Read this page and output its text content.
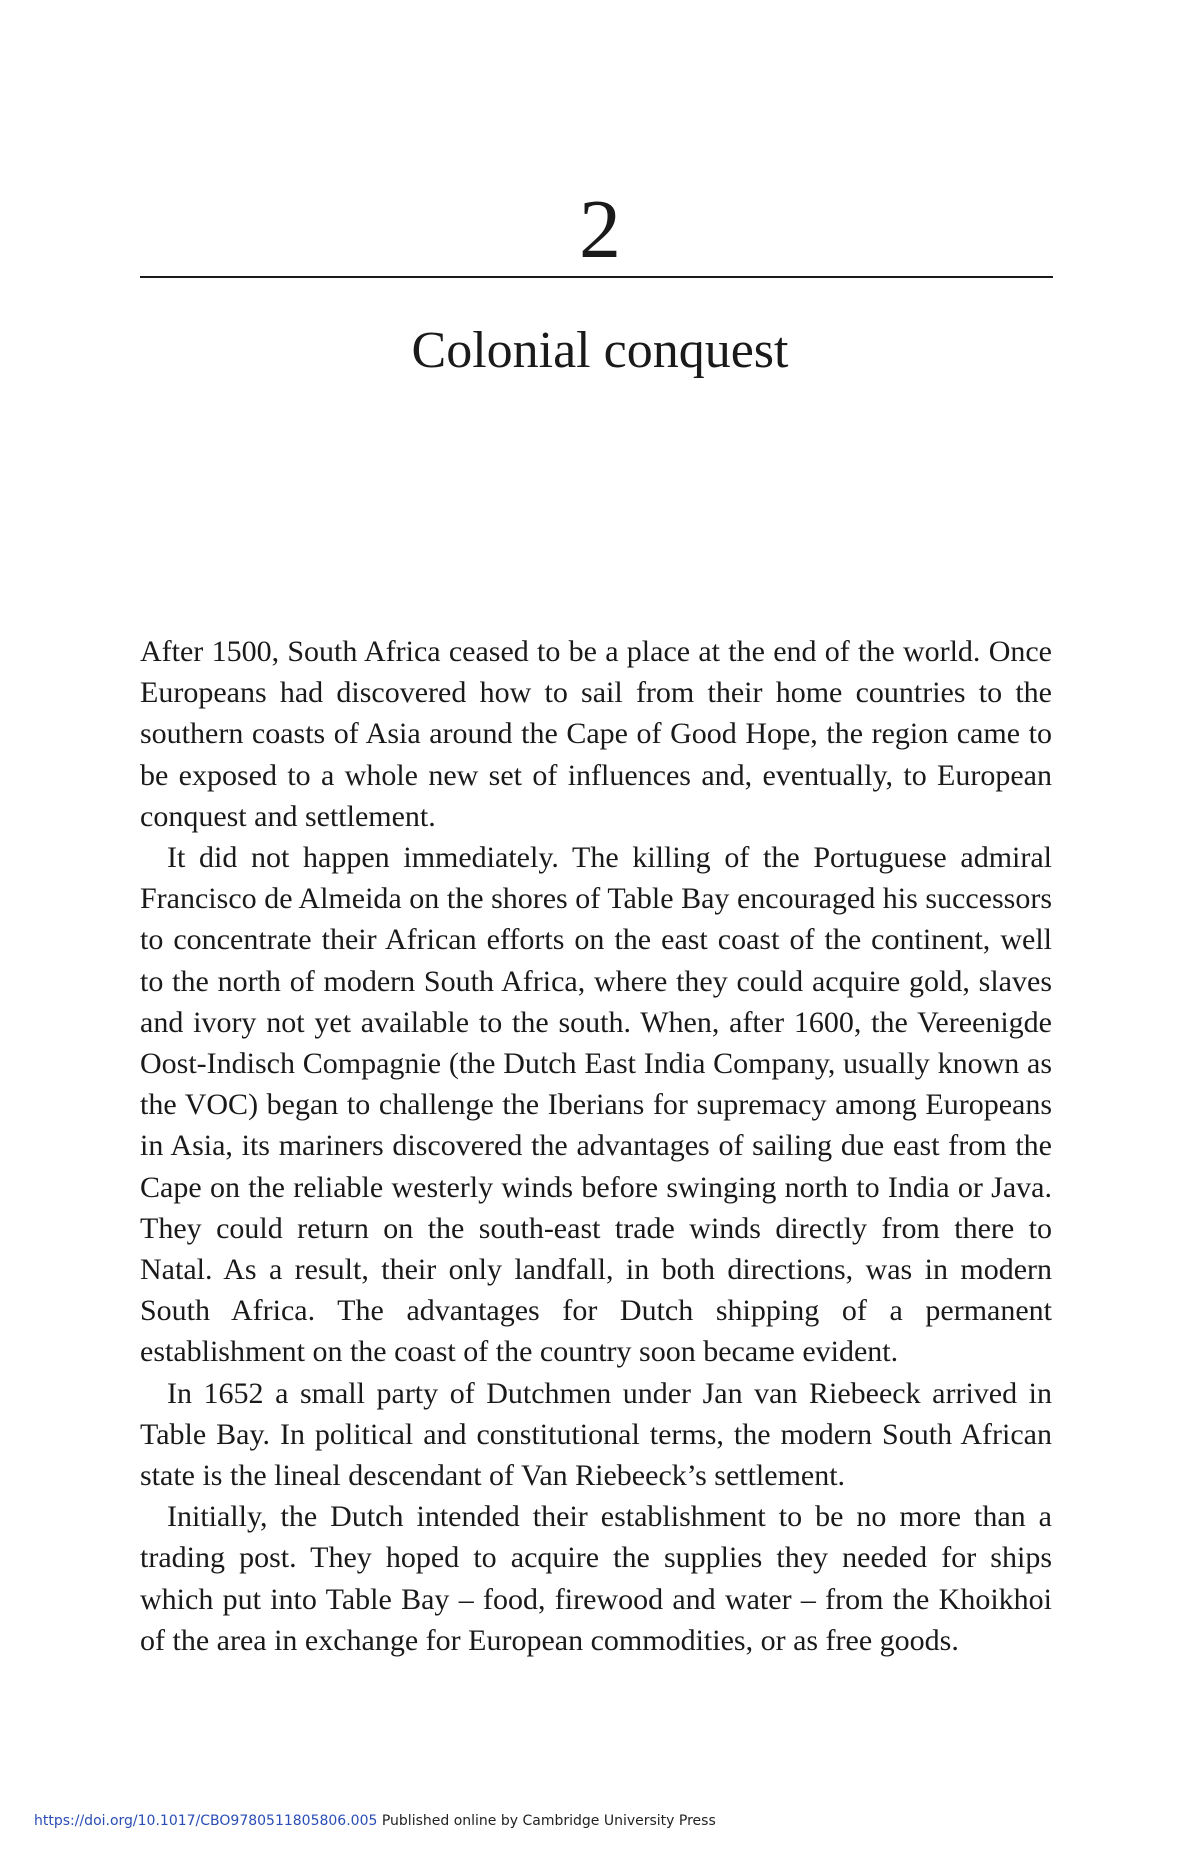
2
Colonial conquest

After 1500, South Africa ceased to be a place at the end of the world. Once Europeans had discovered how to sail from their home countries to the southern coasts of Asia around the Cape of Good Hope, the region came to be exposed to a whole new set of influences and, eventually, to European conquest and settlement.

It did not happen immediately. The killing of the Portuguese admiral Francisco de Almeida on the shores of Table Bay encouraged his successors to concentrate their African efforts on the east coast of the continent, well to the north of modern South Africa, where they could acquire gold, slaves and ivory not yet available to the south. When, after 1600, the Vereenigde Oost-Indisch Compagnie (the Dutch East India Company, usually known as the VOC) began to challenge the Iberians for supremacy among Europeans in Asia, its mariners discovered the advantages of sailing due east from the Cape on the reliable westerly winds before swinging north to India or Java. They could return on the south-east trade winds directly from there to Natal. As a result, their only landfall, in both directions, was in modern South Africa. The advantages for Dutch shipping of a permanent establishment on the coast of the country soon became evident.

In 1652 a small party of Dutchmen under Jan van Riebeeck arrived in Table Bay. In political and constitutional terms, the modern South African state is the lineal descendant of Van Riebeeck’s settlement.

Initially, the Dutch intended their establishment to be no more than a trading post. They hoped to acquire the supplies they needed for ships which put into Table Bay – food, firewood and water – from the Khoikhoi of the area in exchange for European commodities, or as free goods.

https://doi.org/10.1017/CBO9780511805806.005 Published online by Cambridge University Press
